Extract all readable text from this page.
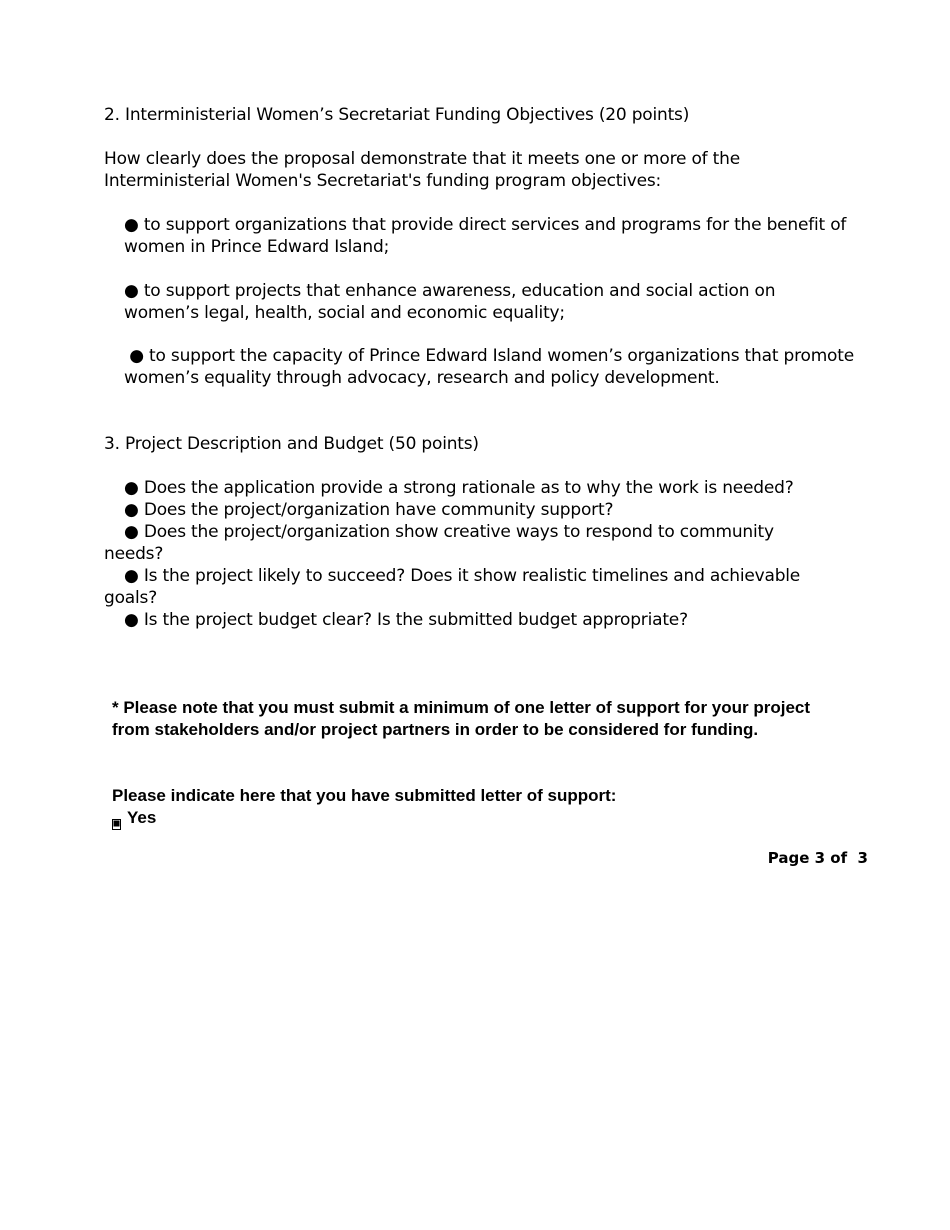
2. Interministerial Women’s Secretariat Funding Objectives (20 points)

How clearly does the proposal demonstrate that it meets one or more of the Interministerial Women's Secretariat's funding program objectives:

● to support organizations that provide direct services and programs for the benefit of women in Prince Edward Island;

● to support projects that enhance awareness, education and social action on women’s legal, health, social and economic equality;

● to support the capacity of Prince Edward Island women’s organizations that promote women’s equality through advocacy, research and policy development.

3. Project Description and Budget (50 points)

● Does the application provide a strong rationale as to why the work is needed?

● Does the project/organization have community support?

● Does the project/organization show creative ways to respond to community needs?

● Is the project likely to succeed? Does it show realistic timelines and achievable goals?

● Is the project budget clear? Is the submitted budget appropriate?

* Please note that you must submit a minimum of one letter of support for your project from stakeholders and/or project partners in order to be considered for funding.

Please indicate here that you have submitted letter of support:

Yes
Page 3 of  3
